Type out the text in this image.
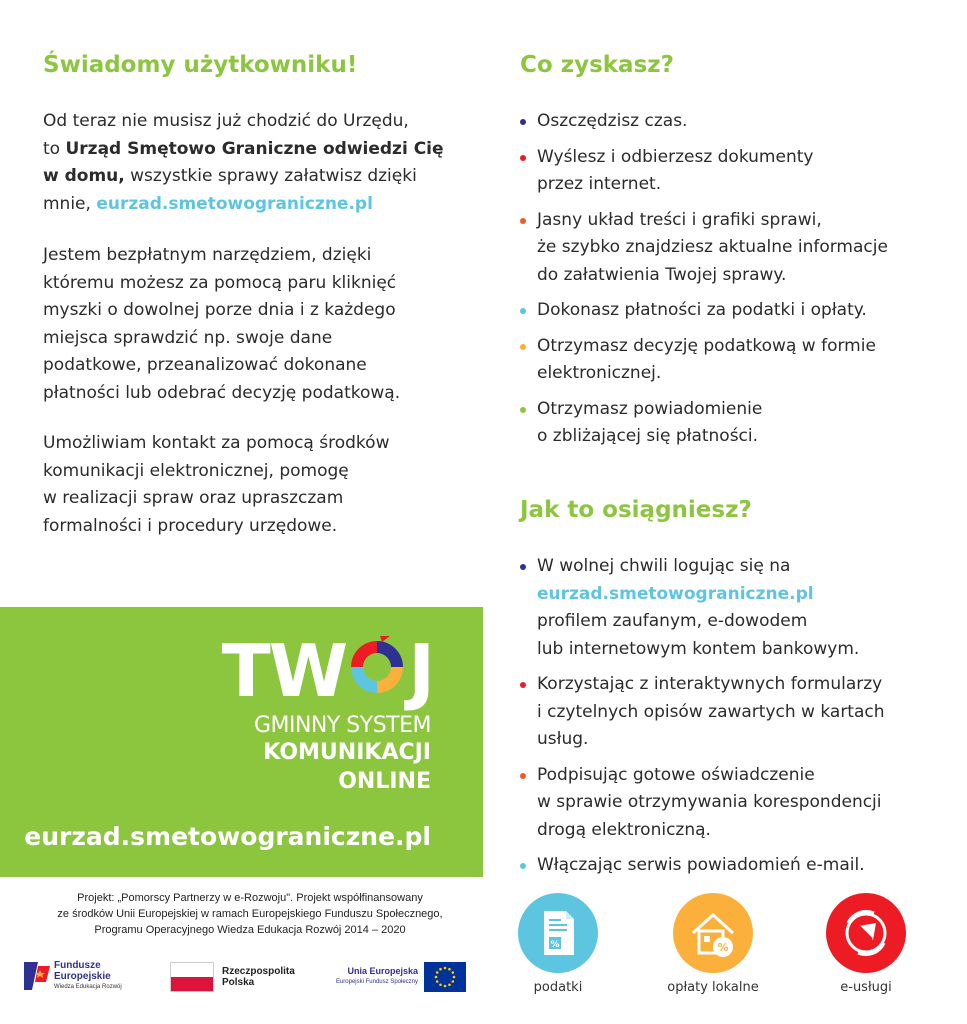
Świadomy użytkowniku!

Od teraz nie musisz już chodzić do Urzędu,

to Urząd Smętowo Graniczne odwiedzi Cię

w domu, wszystkie sprawy załatwisz dzięki

mnie, eurzad.smetowograniczne.pl

Jestem bezpłatnym narzędziem, dzięki

któremu możesz za pomocą paru kliknięć

myszki o dowolnej porze dnia i z każdego

miejsca sprawdzić np. swoje dane

podatkowe, przeanalizować dokonane

płatności lub odebrać decyzję podatkową.

Umożliwiam kontakt za pomocą środków

komunikacji elektronicznej, pomogę

w realizacji spraw oraz upraszczam

formalności i procedury urzędowe.

TW J
GMINNY SYSTEM
KOMUNIKACJI
ONLINE
eurzad.smetowograniczne.pl
Projekt: „Pomorscy Partnerzy w e-Rozwoju". Projekt współfinansowany
ze środków Unii Europejskiej w ramach Europejskiego Funduszu Społecznego,
Programu Operacyjnego Wiedza Edukacja Rozwój 2014 – 2020
Fundusze
Europejskie
Wiedza Edukacja Rozwój
Rzeczpospolita
Polska
Unia Europejska
Europejski Fundusz Społeczny
Co zyskasz?
Oszczędzisz czas.
Wyślesz i odbierzesz dokumenty
przez internet.
Jasny układ treści i grafiki sprawi,
że szybko znajdziesz aktualne informacje
do załatwienia Twojej sprawy.
Dokonasz płatności za podatki i opłaty.
Otrzymasz decyzję podatkową w formie
elektronicznej.
Otrzymasz powiadomienie
o zbliżającej się płatności.
Jak to osiągniesz?
W wolnej chwili logując się na
eurzad.smetowograniczne.pl
profilem zaufanym, e-dowodem
lub internetowym kontem bankowym.
Korzystając z interaktywnych formularzy
i czytelnych opisów zawartych w kartach
usług.
Podpisując gotowe oświadczenie
w sprawie otrzymywania korespondencji
drogą elektroniczną.
Włączając serwis powiadomień e-mail.
%
podatki
%
opłaty lokalne	e-usługi
